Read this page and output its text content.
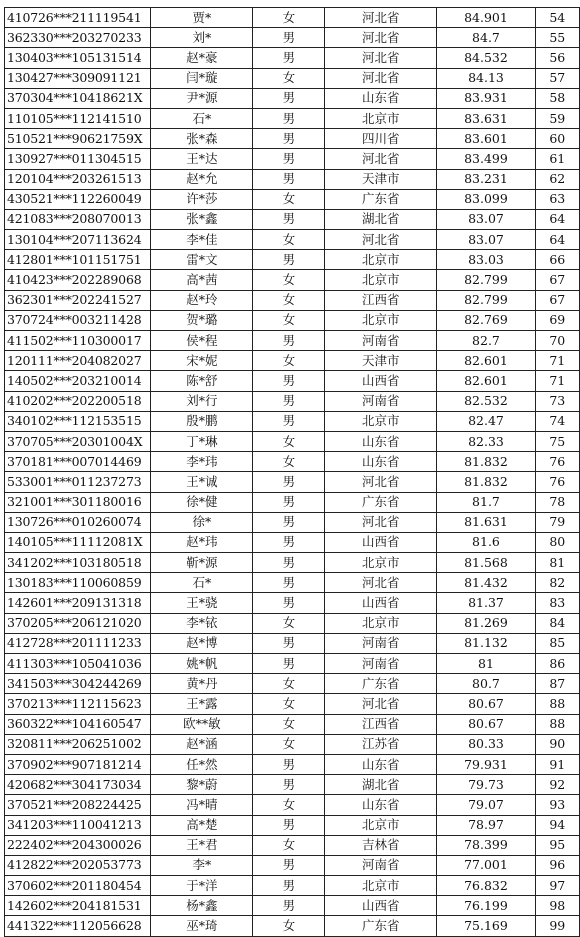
410726***211119541	贾*	女	河北省	84.901	54
362330***203270233	刘*	男	河北省	84.7	55
130403***105131514	赵*豪	男	河北省	84.532	56
130427***309091121	闫*璇	女	河北省	84.13	57
370304***10418621X	尹*源	男	山东省	83.931	58
110105***112141510	石*	男	北京市	83.631	59
510521***90621759X	张*森	男	四川省	83.601	60
130927***011304515	王*达	男	河北省	83.499	61
120104***203261513	赵*允	男	天津市	83.231	62
430521***112260049	许*莎	女	广东省	83.099	63
421083***208070013	张*鑫	男	湖北省	83.07	64
130104***207113624	李*佳	女	河北省	83.07	64
412801***101151751	雷*文	男	北京市	83.03	66
410423***202289068	高*茜	女	北京市	82.799	67
362301***202241527	赵*玲	女	江西省	82.799	67
370724***003211428	贺*璐	女	北京市	82.769	69
411502***110300017	侯*程	男	河南省	82.7	70
120111***204082027	宋*妮	女	天津市	82.601	71
140502***203210014	陈*舒	男	山西省	82.601	71
410202***202200518	刘*行	男	河南省	82.532	73
340102***112153515	殷*鹏	男	北京市	82.47	74
370705***20301004X	丁*琳	女	山东省	82.33	75
370181***007014469	李*玮	女	山东省	81.832	76
533001***011237273	王*诚	男	河北省	81.832	76
321001***301180016	徐*健	男	广东省	81.7	78
130726***010260074	徐*	男	河北省	81.631	79
140105***11112081X	赵*玮	男	山西省	81.6	80
341202***103180518	靳*源	男	北京市	81.568	81
130183***110060859	石*	男	河北省	81.432	82
142601***209131318	王*骁	男	山西省	81.37	83
370205***206121020	李*铱	女	北京市	81.269	84
412728***201111233	赵*博	男	河南省	81.132	85
411303***105041036	姚*帆	男	河南省	81	86
341503***304244269	黄*丹	女	广东省	80.7	87
370213***112115623	王*露	女	河北省	80.67	88
360322***104160547	欧**敏	女	江西省	80.67	88
320811***206251002	赵*涵	女	江苏省	80.33	90
370902***907181214	任*然	男	山东省	79.931	91
420682***304173034	黎*蔚	男	湖北省	79.73	92
370521***208224425	冯*晴	女	山东省	79.07	93
341203***110041213	高*楚	男	北京市	78.97	94
222402***204300026	王*君	女	吉林省	78.399	95
412822***202053773	李*	男	河南省	77.001	96
370602***201180454	于*洋	男	北京市	76.832	97
142602***204181531	杨*鑫	男	山西省	76.199	98
441322***112056628	巫*琦	女	广东省	75.169	99
